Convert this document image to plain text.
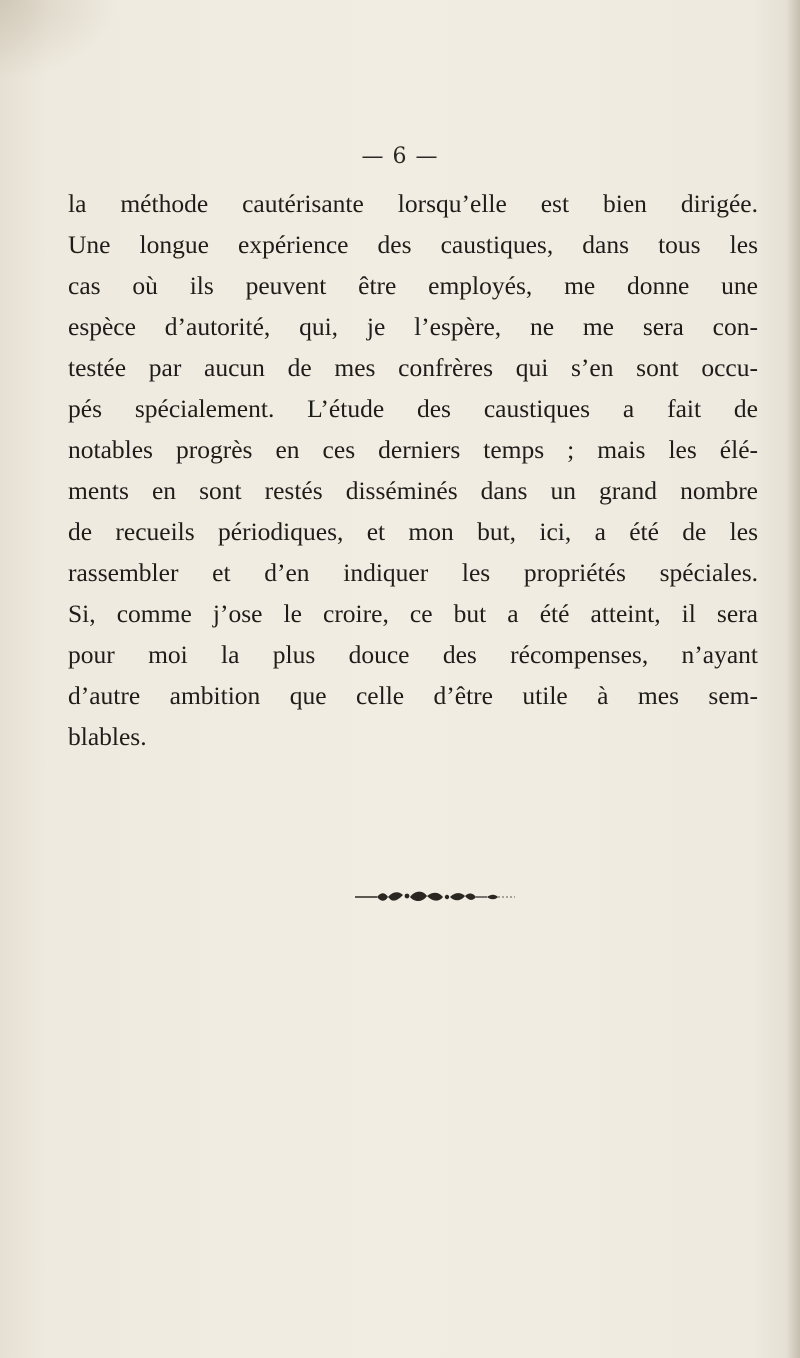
— 6 —
la méthode cautérisante lorsqu’elle est bien dirigée.
Une longue expérience des caustiques, dans tous les
cas où ils peuvent être employés, me donne une
espèce d’autorité, qui, je l’espère, ne me sera con-
testée par aucun de mes confrères qui s’en sont occu-
pés spécialement. L’étude des caustiques a fait de
notables progrès en ces derniers temps ; mais les élé-
ments en sont restés disséminés dans un grand nombre
de recueils périodiques, et mon but, ici, a été de les
rassembler et d’en indiquer les propriétés spéciales.
Si, comme j’ose le croire, ce but a été atteint, il sera
pour moi la plus douce des récompenses, n’ayant
d’autre ambition que celle d’être utile à mes sem-
blables.
